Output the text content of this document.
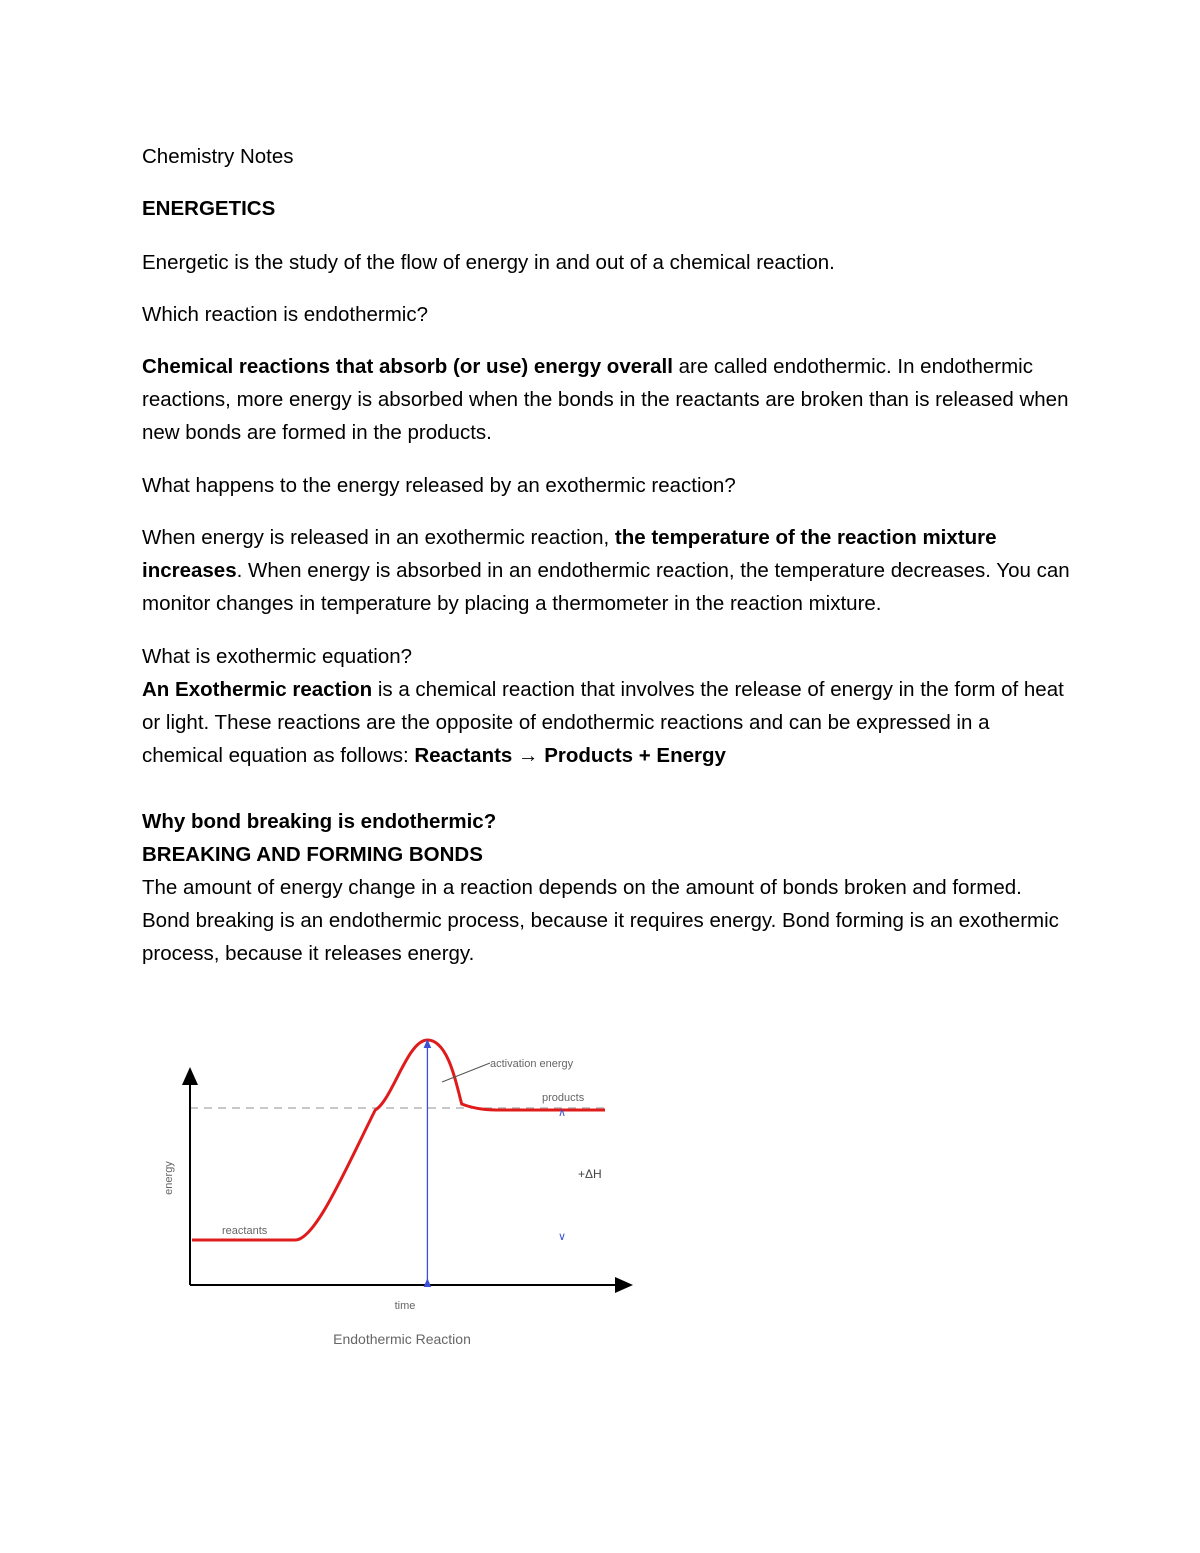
Chemistry Notes

ENERGETICS

Energetic is the study of the flow of energy in and out of a chemical reaction.

Which reaction is endothermic?

Chemical reactions that absorb (or use) energy overall are called endothermic. In endothermic reactions, more energy is absorbed when the bonds in the reactants are broken than is released when new bonds are formed in the products.

What happens to the energy released by an exothermic reaction?

When energy is released in an exothermic reaction, the temperature of the reaction mixture increases. When energy is absorbed in an endothermic reaction, the temperature decreases. You can monitor changes in temperature by placing a thermometer in the reaction mixture.

What is exothermic equation?

An Exothermic reaction is a chemical reaction that involves the release of energy in the form of heat or light. These reactions are the opposite of endothermic reactions and can be expressed in a chemical equation as follows: Reactants → Products + Energy

Why bond breaking is endothermic?

BREAKING AND FORMING BONDS

The amount of energy change in a reaction depends on the amount of bonds broken and formed. Bond breaking is an endothermic process, because it requires energy. Bond forming is an exothermic process, because it releases energy.

∧
∨
activation energy
products
reactants
+ΔH
energy
time
Endothermic Reaction
